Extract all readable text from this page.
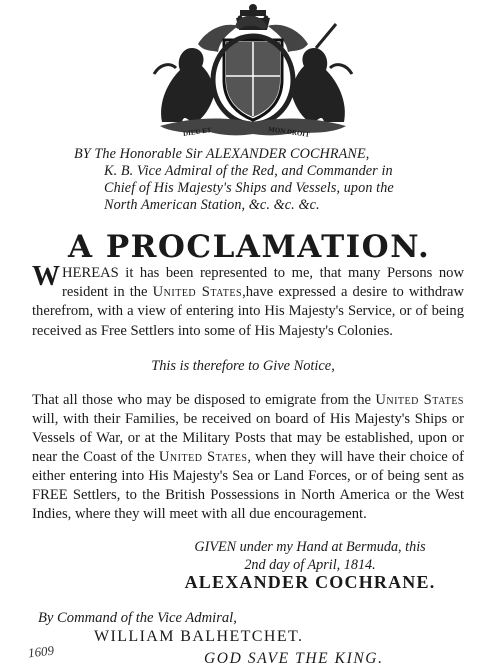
DIEU ET	MON DROIT

BY The Honorable Sir ALEXANDER COCHRANE,

K. B. Vice Admiral of the Red, and Commander in

Chief of His Majesty's Ships and Vessels, upon the

North American Station, &c. &c. &c.

A PROCLAMATION.

WHEREAS it has been represented to me, that many Persons now resident in the United States,have expressed a desire to withdraw therefrom, with a view of entering into His Majesty's Service, or of being received as Free Settlers into some of His Majesty's Colonies.

This is therefore to Give Notice,

That all those who may be disposed to emigrate from the United States will, with their Families, be received on board of His Majesty's Ships or Vessels of War, or at the Military Posts that may be established, upon or near the Coast of the United States, when they will have their choice of either entering into His Majesty's Sea or Land Forces, or of being sent as FREE Settlers, to the British Possessions in North America or the West Indies, where they will meet with all due encouragement.

GIVEN under my Hand at Bermuda, this
2nd day of April, 1814.
ALEXANDER COCHRANE.
By Command of the Vice Admiral,
WILLIAM BALHETCHET.
GOD SAVE THE KING.
1609
